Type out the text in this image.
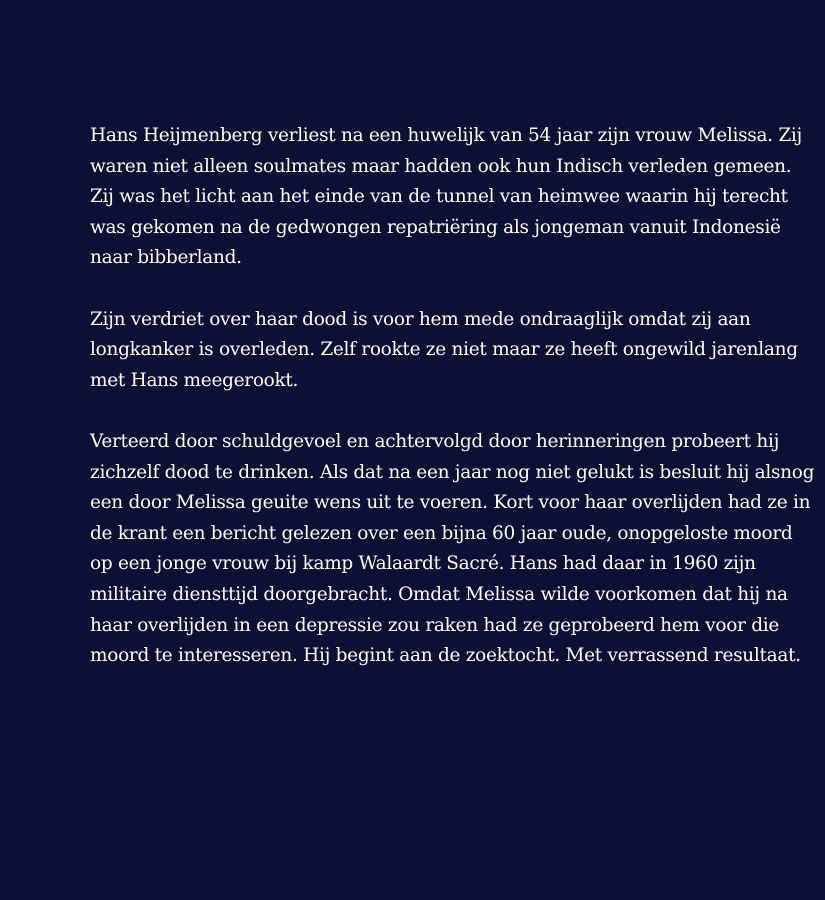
Hans Heijmenberg verliest na een huwelijk van 54 jaar zijn vrouw Melissa. Zij waren niet alleen soulmates maar hadden ook hun Indisch verleden gemeen. Zij was het licht aan het einde van de tunnel van heimwee waarin hij terecht was gekomen na de gedwongen repatriëring als jongeman vanuit Indonesië naar bibberland.

Zijn verdriet over haar dood is voor hem mede ondraaglijk omdat zij aan longkanker is overleden. Zelf rookte ze niet maar ze heeft ongewild jarenlang met Hans meegerookt.

Verteerd door schuldgevoel en achtervolgd door herinneringen probeert hij zichzelf dood te drinken. Als dat na een jaar nog niet gelukt is besluit hij alsnog een door Melissa geuite wens uit te voeren. Kort voor haar overlijden had ze in de krant een bericht gelezen over een bijna 60 jaar oude, onopgeloste moord op een jonge vrouw bij kamp Walaardt Sacré. Hans had daar in 1960 zijn militaire diensttijd doorgebracht. Omdat Melissa wilde voorkomen dat hij na haar overlijden in een depressie zou raken had ze geprobeerd hem voor die moord te interesseren. Hij begint aan de zoektocht. Met verrassend resultaat.
